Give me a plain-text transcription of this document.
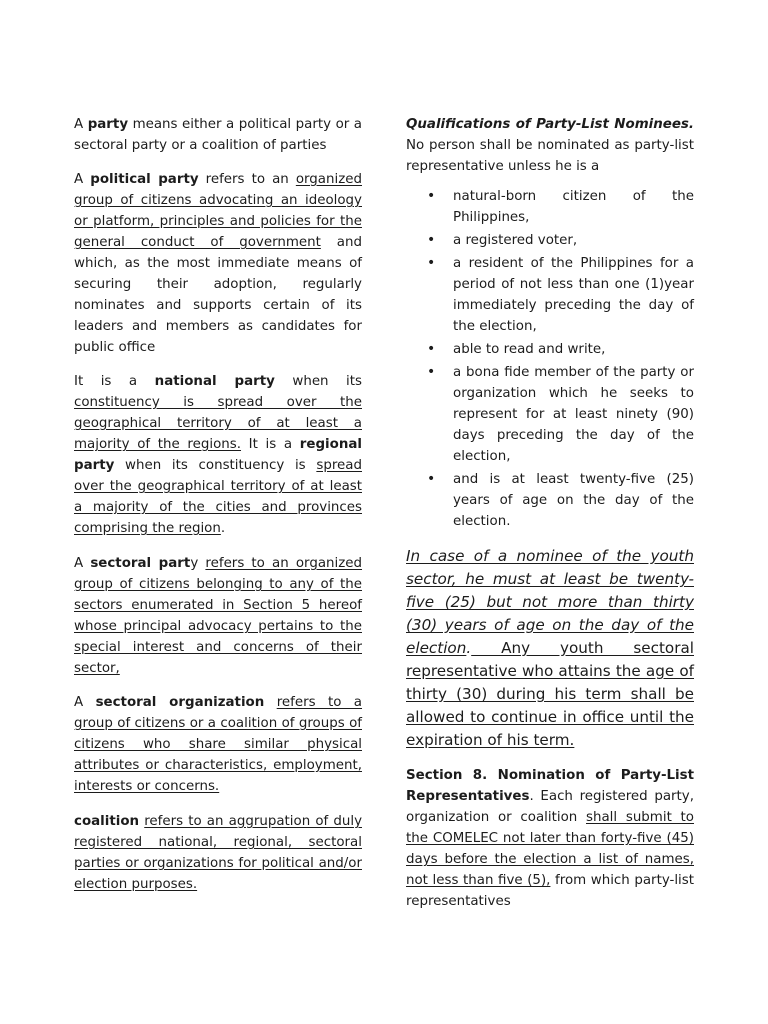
A party means either a political party or a sectoral party or a coalition of parties

A political party refers to an organized group of citizens advocating an ideology or platform, principles and policies for the general conduct of government and which, as the most immediate means of securing their adoption, regularly nominates and supports certain of its leaders and members as candidates for public office

It is a national party when its constituency is spread over the geographical territory of at least a majority of the regions. It is a regional party when its constituency is spread over the geographical territory of at least a majority of the cities and provinces comprising the region.

A sectoral party refers to an organized group of citizens belonging to any of the sectors enumerated in Section 5 hereof whose principal advocacy pertains to the special interest and concerns of their sector,

A sectoral organization refers to a group of citizens or a coalition of groups of citizens who share similar physical attributes or characteristics, employment, interests or concerns.

coalition refers to an aggrupation of duly registered national, regional, sectoral parties or organizations for political and/or election purposes.

Qualifications of Party-List Nominees. No person shall be nominated as party-list representative unless he is a

• natural-born citizen of the Philippines,
• a registered voter,
• a resident of the Philippines for a period of not less than one (1)year immediately preceding the day of the election,
• able to read and write,
• a bona fide member of the party or organization which he seeks to represent for at least ninety (90) days preceding the day of the election,
• and is at least twenty-five (25) years of age on the day of the election.

In case of a nominee of the youth sector, he must at least be twenty-five (25) but not more than thirty (30) years of age on the day of the election. Any youth sectoral representative who attains the age of thirty (30) during his term shall be allowed to continue in office until the expiration of his term.

Section 8. Nomination of Party-List Representatives. Each registered party, organization or coalition shall submit to the COMELEC not later than forty-five (45) days before the election a list of names, not less than five (5), from which party-list representatives
